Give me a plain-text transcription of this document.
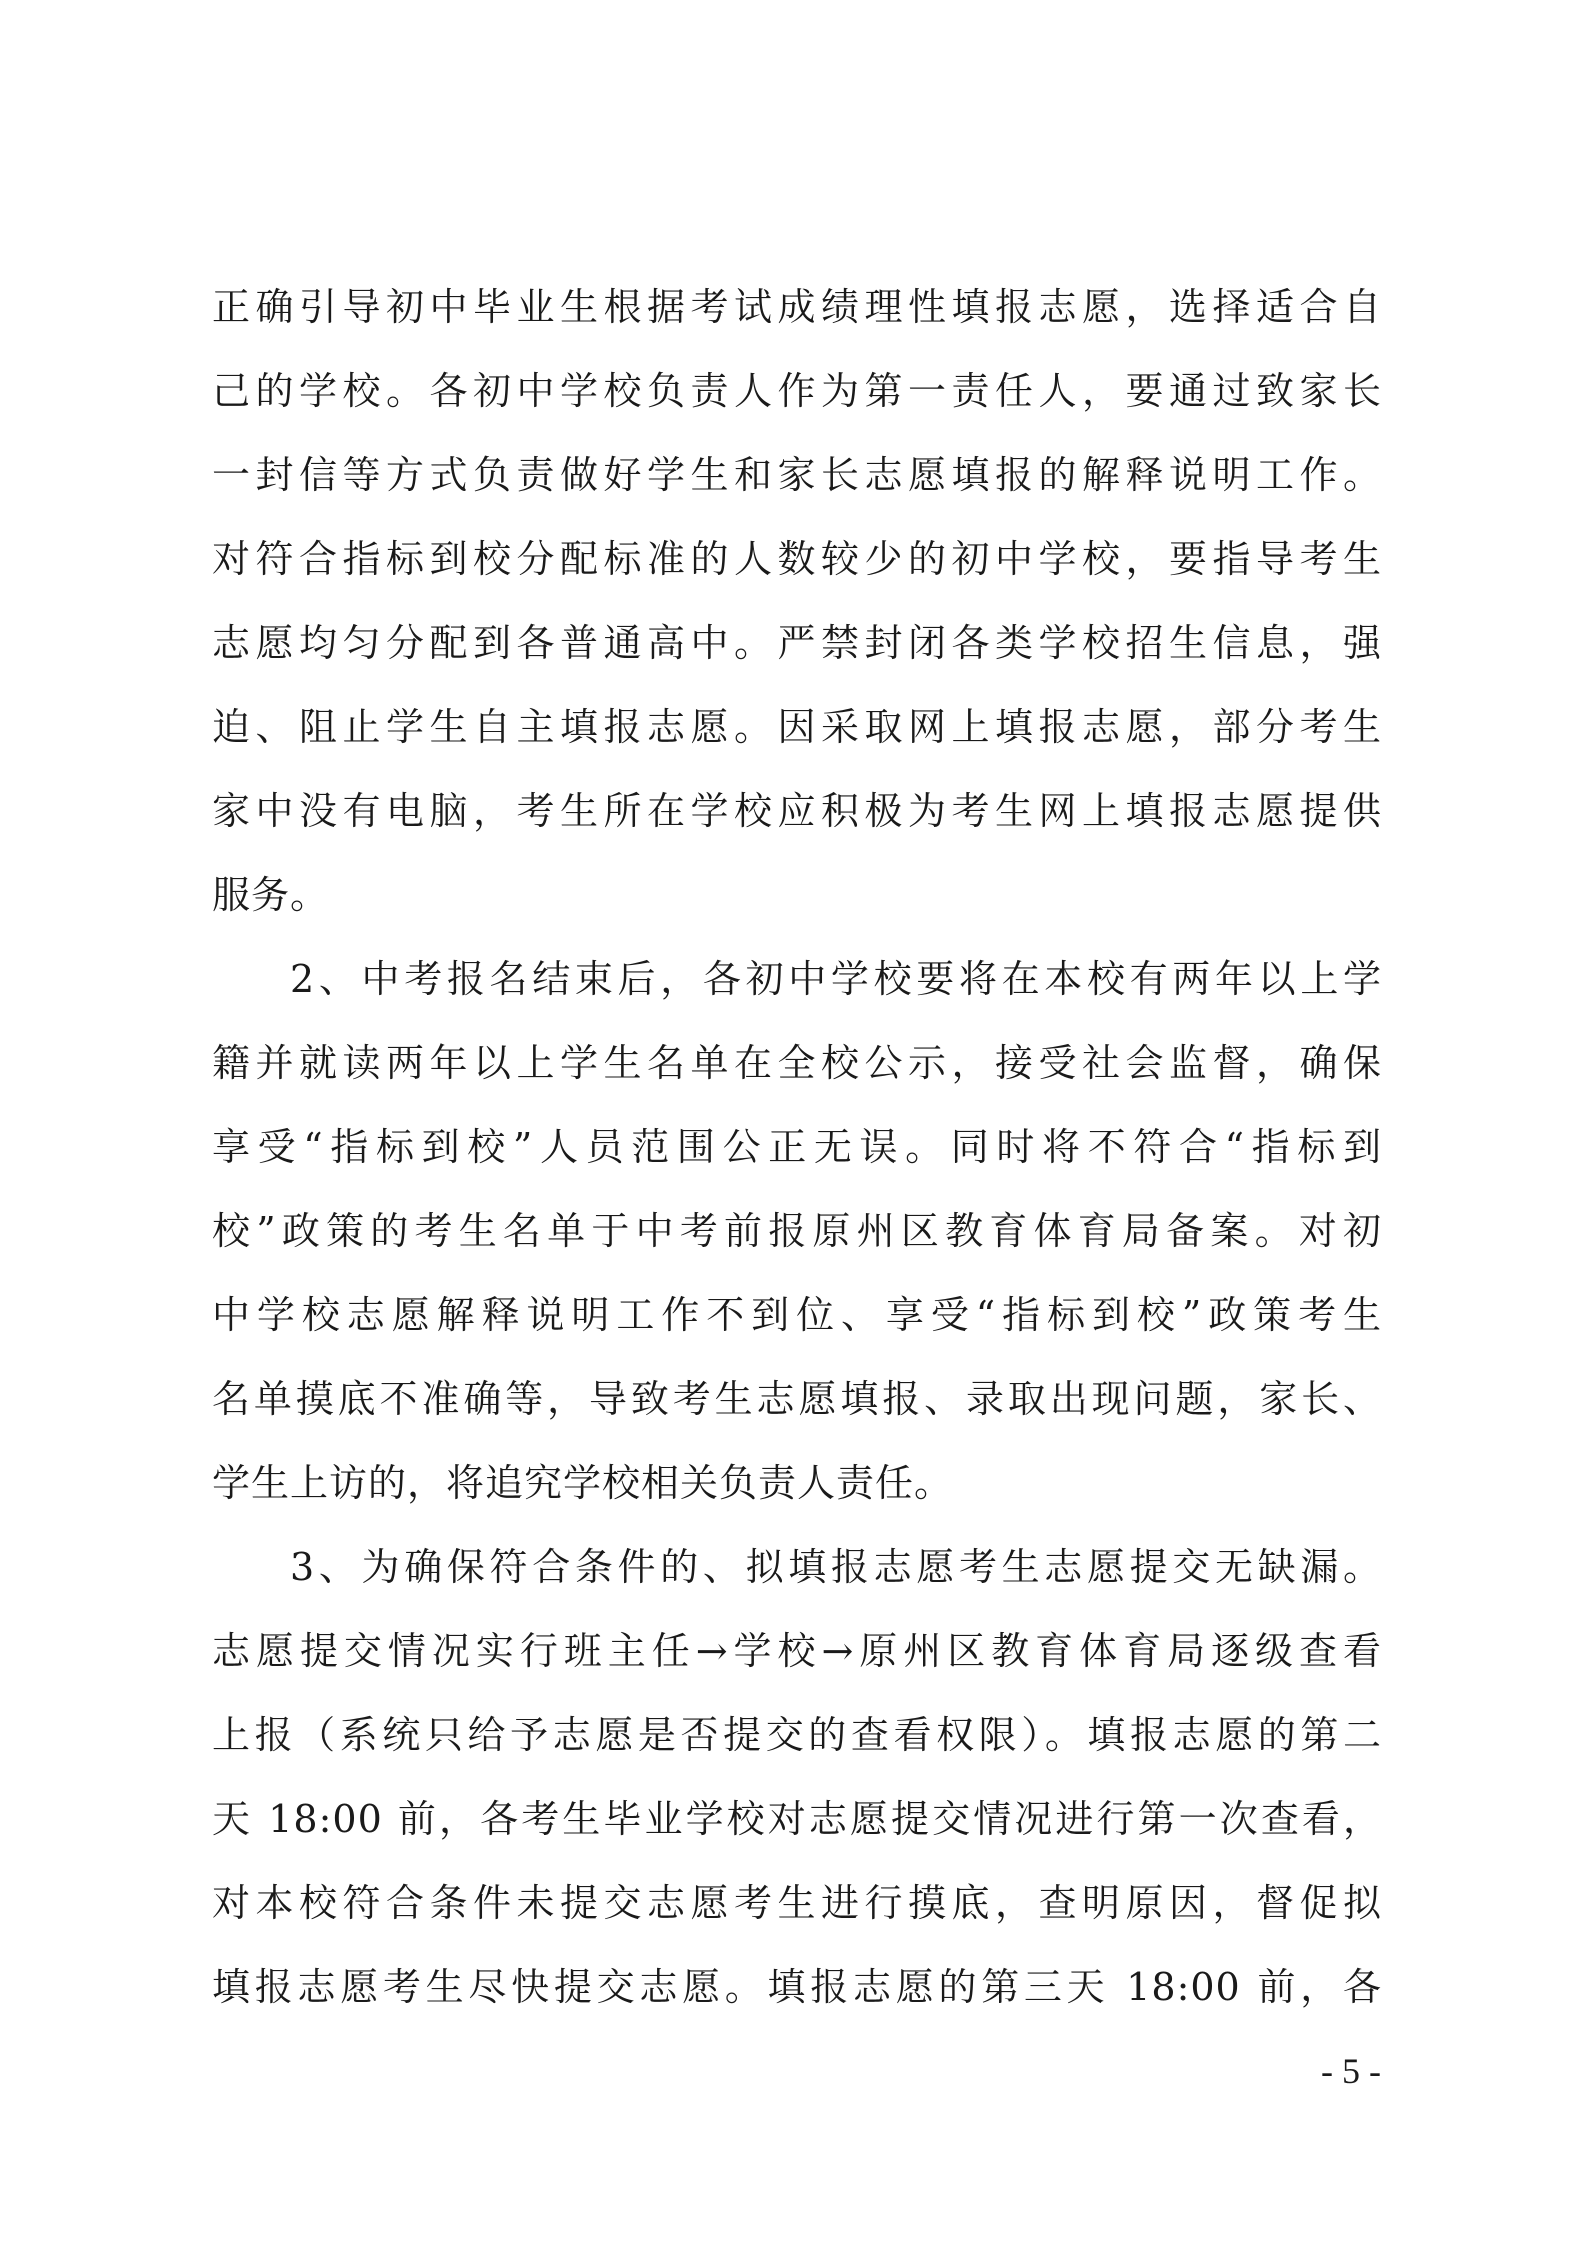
正确引导初中毕业生根据考试成绩理性填报志愿，选择适合自
己的学校。各初中学校负责人作为第一责任人，要通过致家长
一封信等方式负责做好学生和家长志愿填报的解释说明工作。
对符合指标到校分配标准的人数较少的初中学校，要指导考生
志愿均匀分配到各普通高中。严禁封闭各类学校招生信息，强
迫、阻止学生自主填报志愿。因采取网上填报志愿，部分考生
家中没有电脑，考生所在学校应积极为考生网上填报志愿提供
服务。
2、中考报名结束后，各初中学校要将在本校有两年以上学
籍并就读两年以上学生名单在全校公示，接受社会监督，确保
享受“指标到校”人员范围公正无误。同时将不符合“指标到
校”政策的考生名单于中考前报原州区教育体育局备案。对初
中学校志愿解释说明工作不到位、享受“指标到校”政策考生
名单摸底不准确等，导致考生志愿填报、录取出现问题，家长、
学生上访的，将追究学校相关负责人责任。
3、为确保符合条件的、拟填报志愿考生志愿提交无缺漏。
志愿提交情况实行班主任→学校→原州区教育体育局逐级查看
上报（系统只给予志愿是否提交的查看权限）。填报志愿的第二
天 18:00 前，各考生毕业学校对志愿提交情况进行第一次查看，
对本校符合条件未提交志愿考生进行摸底，查明原因，督促拟
填报志愿考生尽快提交志愿。填报志愿的第三天 18:00 前，各
- 5 -
